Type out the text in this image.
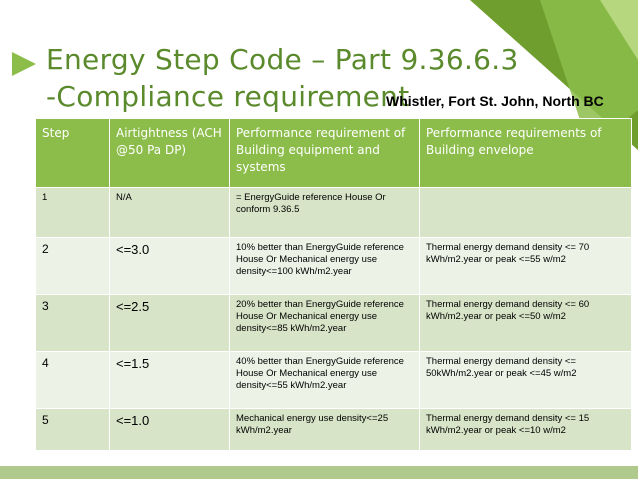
Energy Step Code – Part 9.36.6.3
-Compliance requirement
Whistler, Fort St. John, North BC
Step	Airtightness (ACH @50 Pa DP)	Performance requirement of Building equipment and systems	Performance requirements of Building envelope
1	N/A	= EnergyGuide reference House Or conform 9.36.5	
2	<=3.0	10% better than EnergyGuide reference House Or Mechanical energy use density<=100 kWh/m2.year	Thermal energy demand density <= 70 kWh/m2.year or peak <=55 w/m2
3	<=2.5	20% better than EnergyGuide reference House Or Mechanical energy use density<=85 kWh/m2.year	Thermal energy demand density <= 60 kWh/m2.year or peak <=50 w/m2
4	<=1.5	40% better than EnergyGuide reference House Or Mechanical energy use density<=55 kWh/m2.year	Thermal energy demand density <= 50kWh/m2.year or peak <=45 w/m2
5	<=1.0	Mechanical energy use density<=25 kWh/m2.year	Thermal energy demand density <= 15 kWh/m2.year or peak <=10 w/m2
